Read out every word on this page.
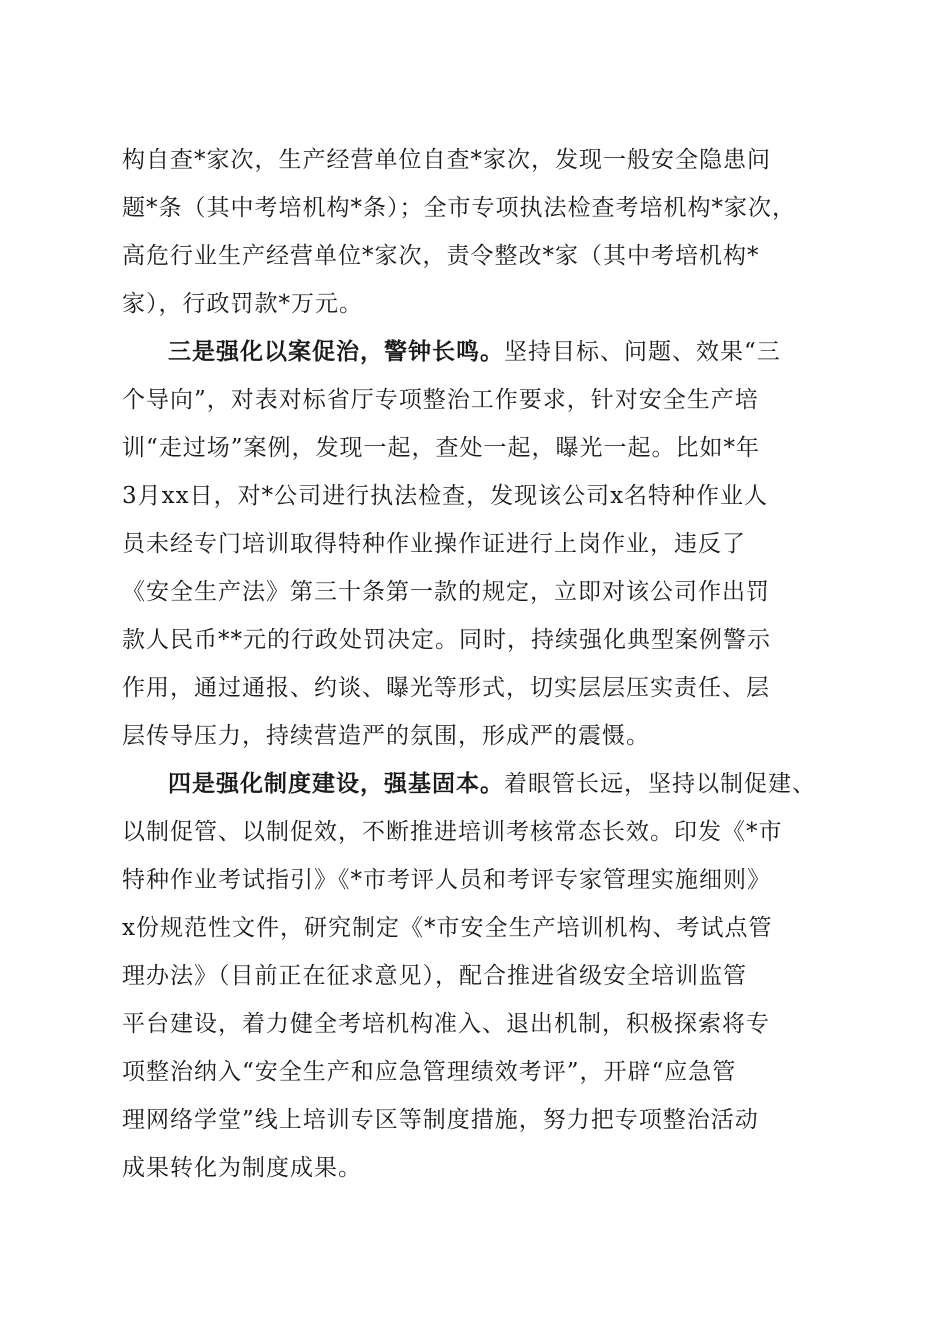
构自查*家次，生产经营单位自查*家次，发现一般安全隐患问
题*条（其中考培机构*条）；全市专项执法检查考培机构*家次，
高危行业生产经营单位*家次，责令整改*家（其中考培机构*
家），行政罚款*万元。
三是强化以案促治，警钟长鸣。坚持目标、问题、效果“三
个导向”，对表对标省厅专项整治工作要求，针对安全生产培
训“走过场”案例，发现一起，查处一起，曝光一起。比如*年
3月xx日，对*公司进行执法检查，发现该公司x名特种作业人
员未经专门培训取得特种作业操作证进行上岗作业，违反了
《安全生产法》第三十条第一款的规定，立即对该公司作出罚
款人民币**元的行政处罚决定。同时，持续强化典型案例警示
作用，通过通报、约谈、曝光等形式，切实层层压实责任、层
层传导压力，持续营造严的氛围，形成严的震慑。
四是强化制度建设，强基固本。着眼管长远，坚持以制促建、
以制促管、以制促效，不断推进培训考核常态长效。印发《*市
特种作业考试指引》《*市考评人员和考评专家管理实施细则》
x份规范性文件，研究制定《*市安全生产培训机构、考试点管
理办法》（目前正在征求意见），配合推进省级安全培训监管
平台建设，着力健全考培机构准入、退出机制，积极探索将专
项整治纳入“安全生产和应急管理绩效考评”，开辟“应急管
理网络学堂”线上培训专区等制度措施，努力把专项整治活动
成果转化为制度成果。
